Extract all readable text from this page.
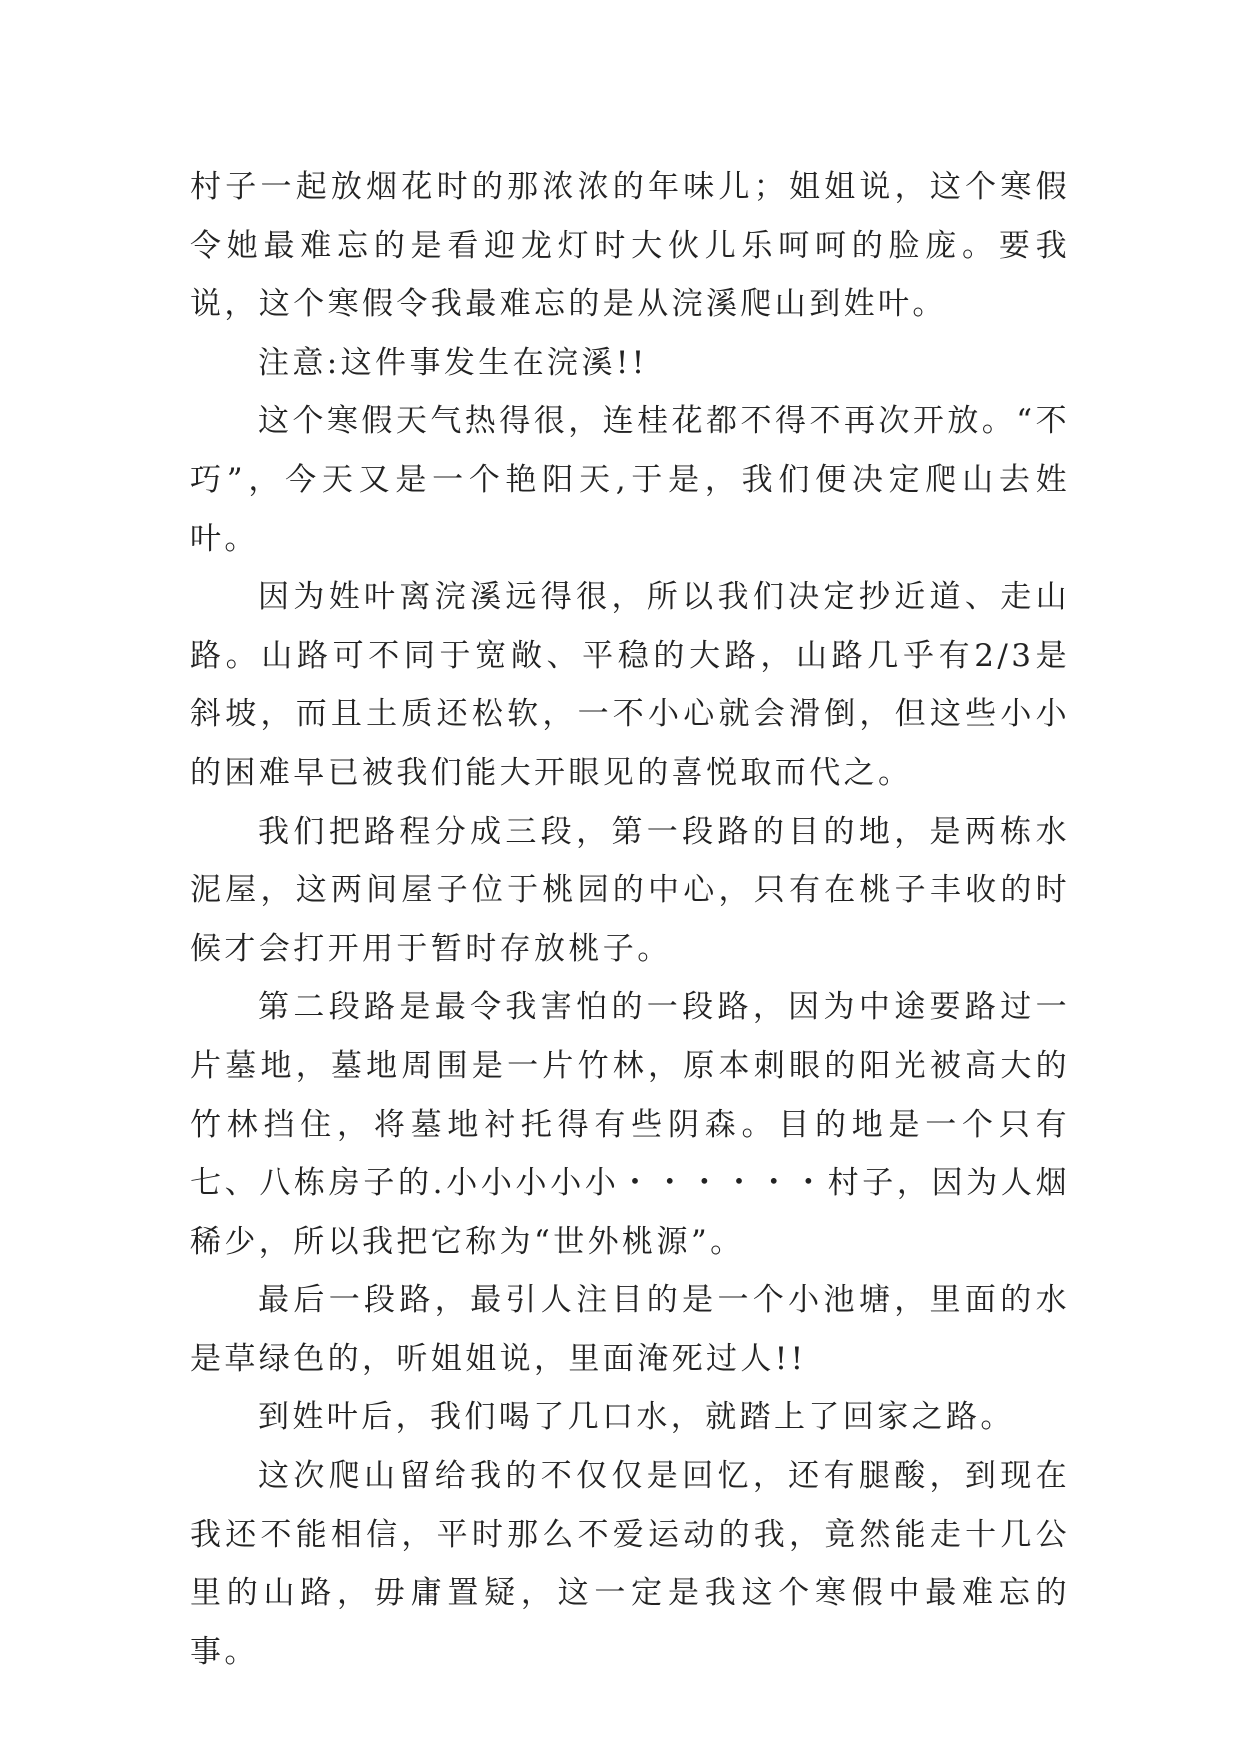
村子一起放烟花时的那浓浓的年味儿；姐姐说，这个寒假令她最难忘的是看迎龙灯时大伙儿乐呵呵的脸庞。要我说，这个寒假令我最难忘的是从浣溪爬山到姓叶。

注意:这件事发生在浣溪!!

这个寒假天气热得很，连桂花都不得不再次开放。“不巧”，今天又是一个艳阳天,于是，我们便决定爬山去姓叶。

因为姓叶离浣溪远得很，所以我们决定抄近道、走山路。山路可不同于宽敞、平稳的大路，山路几乎有2/3是斜坡，而且土质还松软，一不小心就会滑倒，但这些小小的困难早已被我们能大开眼见的喜悦取而代之。

我们把路程分成三段，第一段路的目的地，是两栋水泥屋，这两间屋子位于桃园的中心，只有在桃子丰收的时候才会打开用于暂时存放桃子。

第二段路是最令我害怕的一段路，因为中途要路过一片墓地，墓地周围是一片竹林，原本刺眼的阳光被高大的竹林挡住，将墓地衬托得有些阴森。目的地是一个只有七、八栋房子的.小小小小小・・・・・・村子，因为人烟稀少，所以我把它称为“世外桃源”。

最后一段路，最引人注目的是一个小池塘，里面的水是草绿色的，听姐姐说，里面淹死过人!!

到姓叶后，我们喝了几口水，就踏上了回家之路。

这次爬山留给我的不仅仅是回忆，还有腿酸，到现在我还不能相信，平时那么不爱运动的我，竟然能走十几公里的山路，毋庸置疑，这一定是我这个寒假中最难忘的事。
